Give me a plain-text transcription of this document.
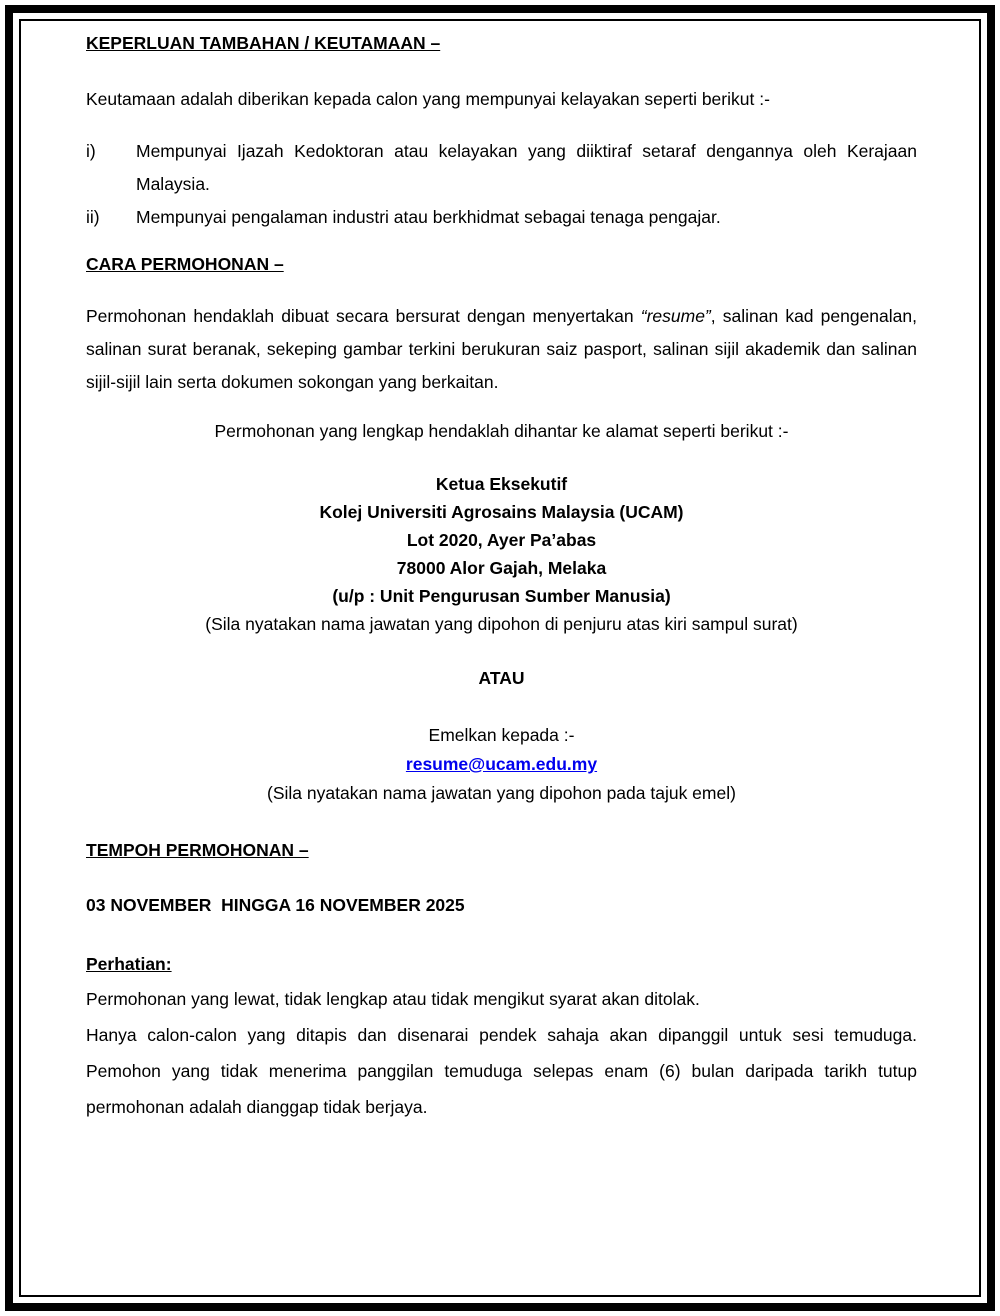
KEPERLUAN TAMBAHAN / KEUTAMAAN –

Keutamaan adalah diberikan kepada calon yang mempunyai kelayakan seperti berikut :-

i) Mempunyai Ijazah Kedoktoran atau kelayakan yang diiktiraf setaraf dengannya oleh Kerajaan Malaysia.
ii) Mempunyai pengalaman industri atau berkhidmat sebagai tenaga pengajar.
CARA PERMOHONAN –

Permohonan hendaklah dibuat secara bersurat dengan menyertakan “resume”, salinan kad pengenalan, salinan surat beranak, sekeping gambar terkini berukuran saiz pasport, salinan sijil akademik dan salinan sijil-sijil lain serta dokumen sokongan yang berkaitan.

Permohonan yang lengkap hendaklah dihantar ke alamat seperti berikut :-

Ketua Eksekutif
Kolej Universiti Agrosains Malaysia (UCAM)
Lot 2020, Ayer Pa’abas
78000 Alor Gajah, Melaka
(u/p : Unit Pengurusan Sumber Manusia)
(Sila nyatakan nama jawatan yang dipohon di penjuru atas kiri sampul surat)
ATAU
Emelkan kepada :-
resume@ucam.edu.my
(Sila nyatakan nama jawatan yang dipohon pada tajuk emel)
TEMPOH PERMOHONAN –

03 NOVEMBER  HINGGA 16 NOVEMBER 2025

Perhatian:

Permohonan yang lewat, tidak lengkap atau tidak mengikut syarat akan ditolak.

Hanya calon-calon yang ditapis dan disenarai pendek sahaja akan dipanggil untuk sesi temuduga. Pemohon yang tidak menerima panggilan temuduga selepas enam (6) bulan daripada tarikh tutup permohonan adalah dianggap tidak berjaya.
